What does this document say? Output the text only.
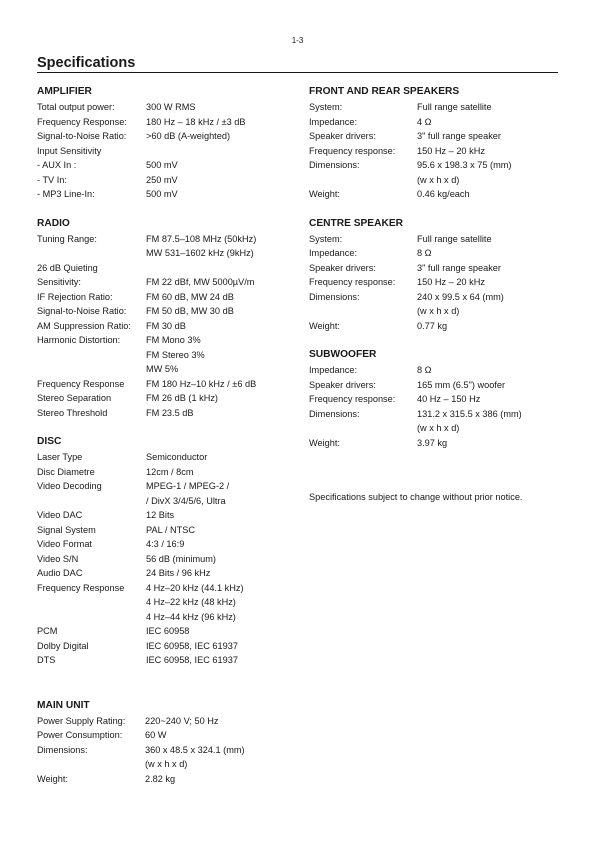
1-3
Specifications
AMPLIFIER
Total output power:	300 W RMS
Frequency Response:	180 Hz – 18 kHz / ±3 dB
Signal-to-Noise Ratio:	>60 dB (A-weighted)
Input Sensitivity
- AUX In :	500 mV
- TV In:	250 mV
- MP3 Line-In:	500 mV
RADIO
Tuning Range:	FM 87.5–108 MHz (50kHz)
MW 531–1602 kHz (9kHz)
26 dB Quieting
Sensitivity:	FM 22 dBf, MW 5000µV/m
IF Rejection Ratio:	FM 60 dB, MW 24 dB
Signal-to-Noise Ratio:	FM 50 dB, MW 30 dB
AM Suppression Ratio:	FM 30 dB
Harmonic Distortion:	FM Mono 3%
FM Stereo 3%
MW 5%
Frequency Response	FM 180 Hz–10 kHz / ±6 dB
Stereo Separation	FM 26 dB (1 kHz)
Stereo Threshold	FM 23.5 dB
DISC
Laser Type	Semiconductor
Disc Diametre	12cm / 8cm
Video Decoding	MPEG-1 / MPEG-2 /
/ DivX 3/4/5/6, Ultra
Video DAC	12 Bits
Signal System	PAL / NTSC
Video Format	4:3 / 16:9
Video S/N	56 dB (minimum)
Audio DAC	24 Bits / 96 kHz
Frequency Response	4 Hz–20 kHz (44.1 kHz)
4 Hz–22 kHz (48 kHz)
4 Hz–44 kHz (96 kHz)
PCM	IEC 60958
Dolby Digital	IEC 60958, IEC 61937
DTS	IEC 60958, IEC 61937
MAIN UNIT
Power Supply Rating:	220~240 V; 50 Hz
Power Consumption:	60 W
Dimensions:	360 x 48.5 x 324.1 (mm)
(w x h x d)
Weight:	2.82 kg
FRONT AND REAR SPEAKERS
System:	Full range satellite
Impedance:	4 Ω
Speaker drivers:	3" full range speaker
Frequency response:	150 Hz – 20 kHz
Dimensions:	95.6 x 198.3 x 75 (mm)
(w x h x d)
Weight:	0.46 kg/each
CENTRE SPEAKER
System:	Full range satellite
Impedance:	8 Ω
Speaker drivers:	3" full range speaker
Frequency response:	150 Hz – 20 kHz
Dimensions:	240 x 99.5 x 64 (mm)
(w x h x d)
Weight:	0.77 kg
SUBWOOFER
Impedance:	8 Ω
Speaker drivers:	165 mm (6.5") woofer
Frequency response:	40 Hz – 150 Hz
Dimensions:	131.2 x 315.5 x 386 (mm)
(w x h x d)
Weight:	3.97 kg

Specifications subject to change without prior notice.
